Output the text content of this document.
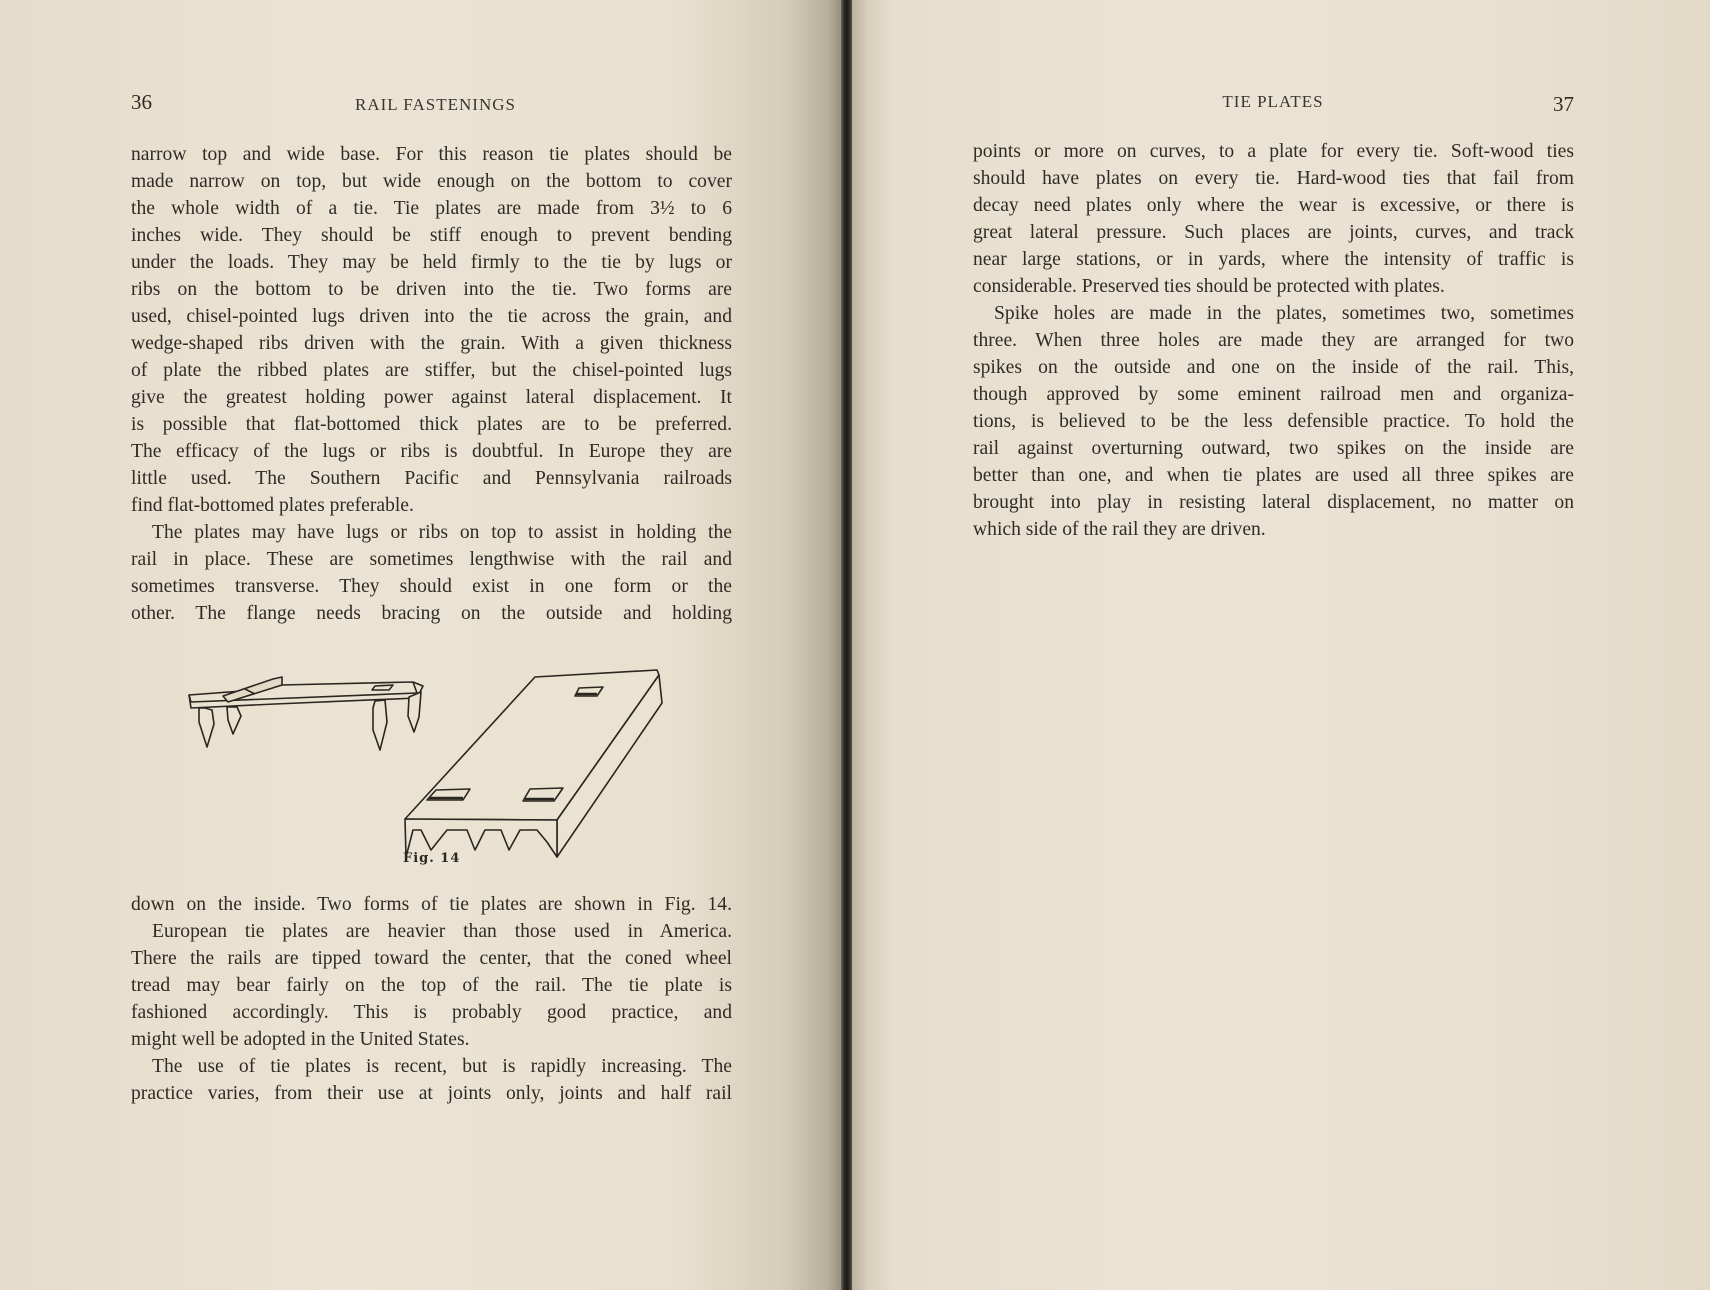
36	RAIL FASTENINGS
narrow top and wide base. For this reason tie plates should be
made narrow on top, but wide enough on the bottom to cover
the whole width of a tie. Tie plates are made from 3½ to 6
inches wide. They should be stiff enough to prevent bending
under the loads. They may be held firmly to the tie by lugs or
ribs on the bottom to be driven into the tie. Two forms are
used, chisel-pointed lugs driven into the tie across the grain, and
wedge-shaped ribs driven with the grain. With a given thickness
of plate the ribbed plates are stiffer, but the chisel-pointed lugs
give the greatest holding power against lateral displacement. It
is possible that flat-bottomed thick plates are to be preferred.
The efficacy of the lugs or ribs is doubtful. In Europe they are
little used. The Southern Pacific and Pennsylvania railroads
find flat-bottomed plates preferable.
The plates may have lugs or ribs on top to assist in holding the
rail in place. These are sometimes lengthwise with the rail and
sometimes transverse. They should exist in one form or the
other. The flange needs bracing on the outside and holding
Fig. 14
down on the inside. Two forms of tie plates are shown in Fig. 14.
European tie plates are heavier than those used in America.
There the rails are tipped toward the center, that the coned wheel
tread may bear fairly on the top of the rail. The tie plate is
fashioned accordingly. This is probably good practice, and
might well be adopted in the United States.
The use of tie plates is recent, but is rapidly increasing. The
practice varies, from their use at joints only, joints and half rail
TIE PLATES	37
points or more on curves, to a plate for every tie. Soft-wood ties
should have plates on every tie. Hard-wood ties that fail from
decay need plates only where the wear is excessive, or there is
great lateral pressure. Such places are joints, curves, and track
near large stations, or in yards, where the intensity of traffic is
considerable. Preserved ties should be protected with plates.
Spike holes are made in the plates, sometimes two, sometimes
three. When three holes are made they are arranged for two
spikes on the outside and one on the inside of the rail. This,
though approved by some eminent railroad men and organiza-
tions, is believed to be the less defensible practice. To hold the
rail against overturning outward, two spikes on the inside are
better than one, and when tie plates are used all three spikes are
brought into play in resisting lateral displacement, no matter on
which side of the rail they are driven.
